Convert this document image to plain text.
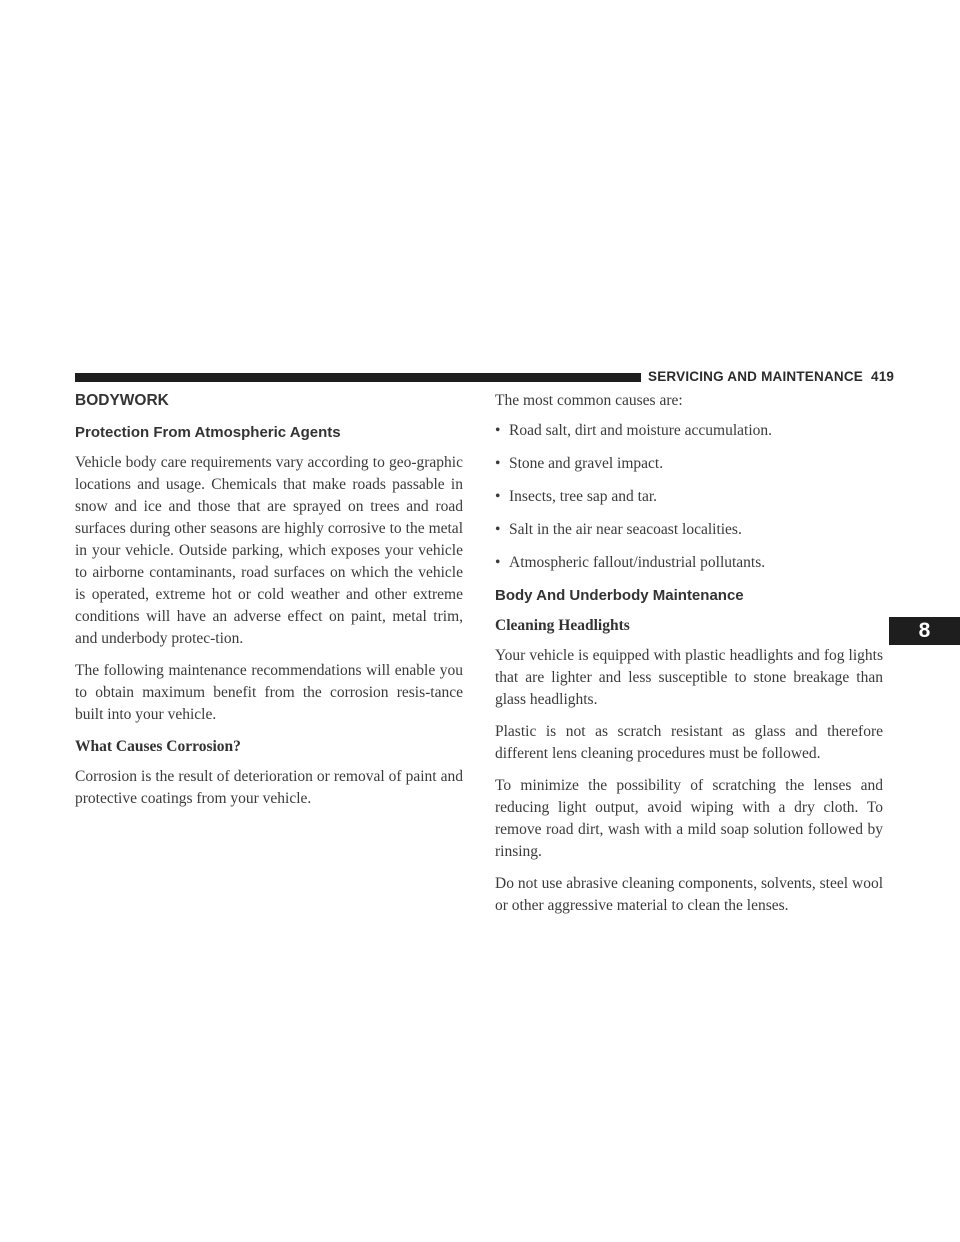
SERVICING AND MAINTENANCE 419
8
BODYWORK
Protection From Atmospheric Agents

Vehicle body care requirements vary according to geo-graphic locations and usage. Chemicals that make roads passable in snow and ice and those that are sprayed on trees and road surfaces during other seasons are highly corrosive to the metal in your vehicle. Outside parking, which exposes your vehicle to airborne contaminants, road surfaces on which the vehicle is operated, extreme hot or cold weather and other extreme conditions will have an adverse effect on paint, metal trim, and underbody protec-tion.

The following maintenance recommendations will enable you to obtain maximum benefit from the corrosion resis-tance built into your vehicle.

What Causes Corrosion?

Corrosion is the result of deterioration or removal of paint and protective coatings from your vehicle.

The most common causes are:

• Road salt, dirt and moisture accumulation.
• Stone and gravel impact.
• Insects, tree sap and tar.
• Salt in the air near seacoast localities.
• Atmospheric fallout/industrial pollutants.
Body And Underbody Maintenance
Cleaning Headlights

Your vehicle is equipped with plastic headlights and fog lights that are lighter and less susceptible to stone breakage than glass headlights.

Plastic is not as scratch resistant as glass and therefore different lens cleaning procedures must be followed.

To minimize the possibility of scratching the lenses and reducing light output, avoid wiping with a dry cloth. To remove road dirt, wash with a mild soap solution followed by rinsing.

Do not use abrasive cleaning components, solvents, steel wool or other aggressive material to clean the lenses.
